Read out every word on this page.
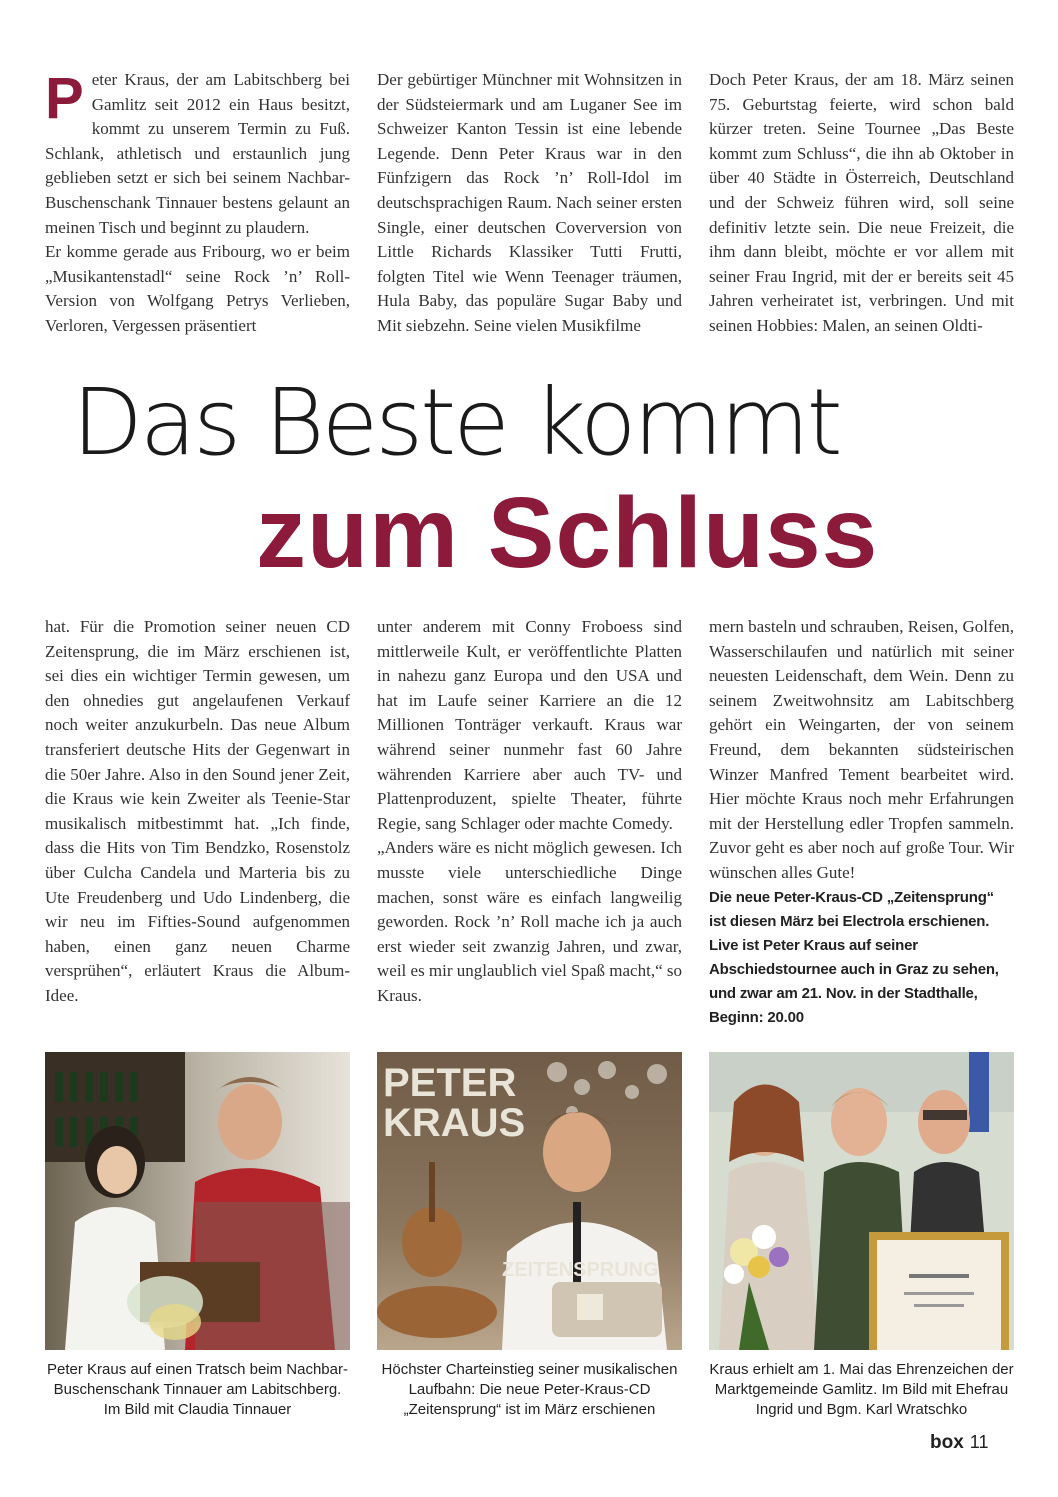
P eter Kraus, der am Labitschberg bei Gamlitz seit 2012 ein Haus besitzt, kommt zu unserem Termin zu Fuß. Schlank, athletisch und erstaunlich jung geblieben setzt er sich bei seinem Nachbar-Buschenschank Tinnauer bestens gelaunt an meinen Tisch und beginnt zu plaudern.

Er komme gerade aus Fribourg, wo er beim „Musikantenstadl“ seine Rock ’n’ Roll-Version von Wolfgang Petrys Verlieben, Verloren, Vergessen präsentiert

Der gebürtiger Münchner mit Wohnsitzen in der Südsteiermark und am Luganer See im Schweizer Kanton Tessin ist eine lebende Legende. Denn Peter Kraus war in den Fünfzigern das Rock ’n’ Roll-Idol im deutschsprachigen Raum. Nach seiner ersten Single, einer deutschen Coverversion von Little Richards Klassiker Tutti Frutti, folgten Titel wie Wenn Teenager träumen, Hula Baby, das populäre Sugar Baby und Mit siebzehn. Seine vielen Musikfilme

Doch Peter Kraus, der am 18. März seinen 75. Geburtstag feierte, wird schon bald kürzer treten. Seine Tournee „Das Beste kommt zum Schluss“, die ihn ab Oktober in über 40 Städte in Österreich, Deutschland und der Schweiz führen wird, soll seine definitiv letzte sein. Die neue Freizeit, die ihm dann bleibt, möchte er vor allem mit seiner Frau Ingrid, mit der er bereits seit 45 Jahren verheiratet ist, verbringen. Und mit seinen Hobbies: Malen, an seinen Oldti-

Das Beste kommt
zum Schluss

hat. Für die Promotion seiner neuen CD Zeitensprung, die im März erschienen ist, sei dies ein wichtiger Termin gewesen, um den ohnedies gut angelaufenen Verkauf noch weiter anzukurbeln. Das neue Album transferiert deutsche Hits der Gegenwart in die 50er Jahre. Also in den Sound jener Zeit, die Kraus wie kein Zweiter als Teenie-Star musikalisch mitbestimmt hat. „Ich finde, dass die Hits von Tim Bendzko, Rosenstolz über Culcha Candela und Marteria bis zu Ute Freudenberg und Udo Lindenberg, die wir neu im Fifties-Sound aufgenommen haben, einen ganz neuen Charme versprühen“, erläutert Kraus die Album-Idee.

unter anderem mit Conny Froboess sind mittlerweile Kult, er veröffentlichte Platten in nahezu ganz Europa und den USA und hat im Laufe seiner Karriere an die 12 Millionen Tonträger verkauft. Kraus war während seiner nunmehr fast 60 Jahre währenden Karriere aber auch TV- und Plattenproduzent, spielte Theater, führte Regie, sang Schlager oder machte Comedy.

„Anders wäre es nicht möglich gewesen. Ich musste viele unterschiedliche Dinge machen, sonst wäre es einfach langweilig geworden. Rock ’n’ Roll mache ich ja auch erst wieder seit zwanzig Jahren, und zwar, weil es mir unglaublich viel Spaß macht,“ so Kraus.

mern basteln und schrauben, Reisen, Golfen, Wasserschilaufen und natürlich mit seiner neuesten Leidenschaft, dem Wein. Denn zu seinem Zweitwohnsitz am Labitschberg gehört ein Weingarten, der von seinem Freund, dem bekannten südsteirischen Winzer Manfred Tement bearbeitet wird. Hier möchte Kraus noch mehr Erfahrungen mit der Herstellung edler Tropfen sammeln. Zuvor geht es aber noch auf große Tour. Wir wünschen alles Gute!

Die neue Peter-Kraus-CD „Zeitensprung“ ist diesen März bei Electrola erschienen. Live ist Peter Kraus auf seiner Abschiedstournee auch in Graz zu sehen, und zwar am 21. Nov. in der Stadthalle, Beginn: 20.00

PETER
KRAUS
ZEITENSPRUNG
Peter Kraus auf einen Tratsch beim Nachbar-Buschenschank Tinnauer am Labitschberg. Im Bild mit Claudia Tinnauer
Höchster Charteinstieg seiner musikalischen Laufbahn: Die neue Peter-Kraus-CD „Zeitensprung“ ist im März erschienen
Kraus erhielt am 1. Mai das Ehrenzeichen der Marktgemeinde Gamlitz. Im Bild mit Ehefrau Ingrid und Bgm. Karl Wratschko
box 11
